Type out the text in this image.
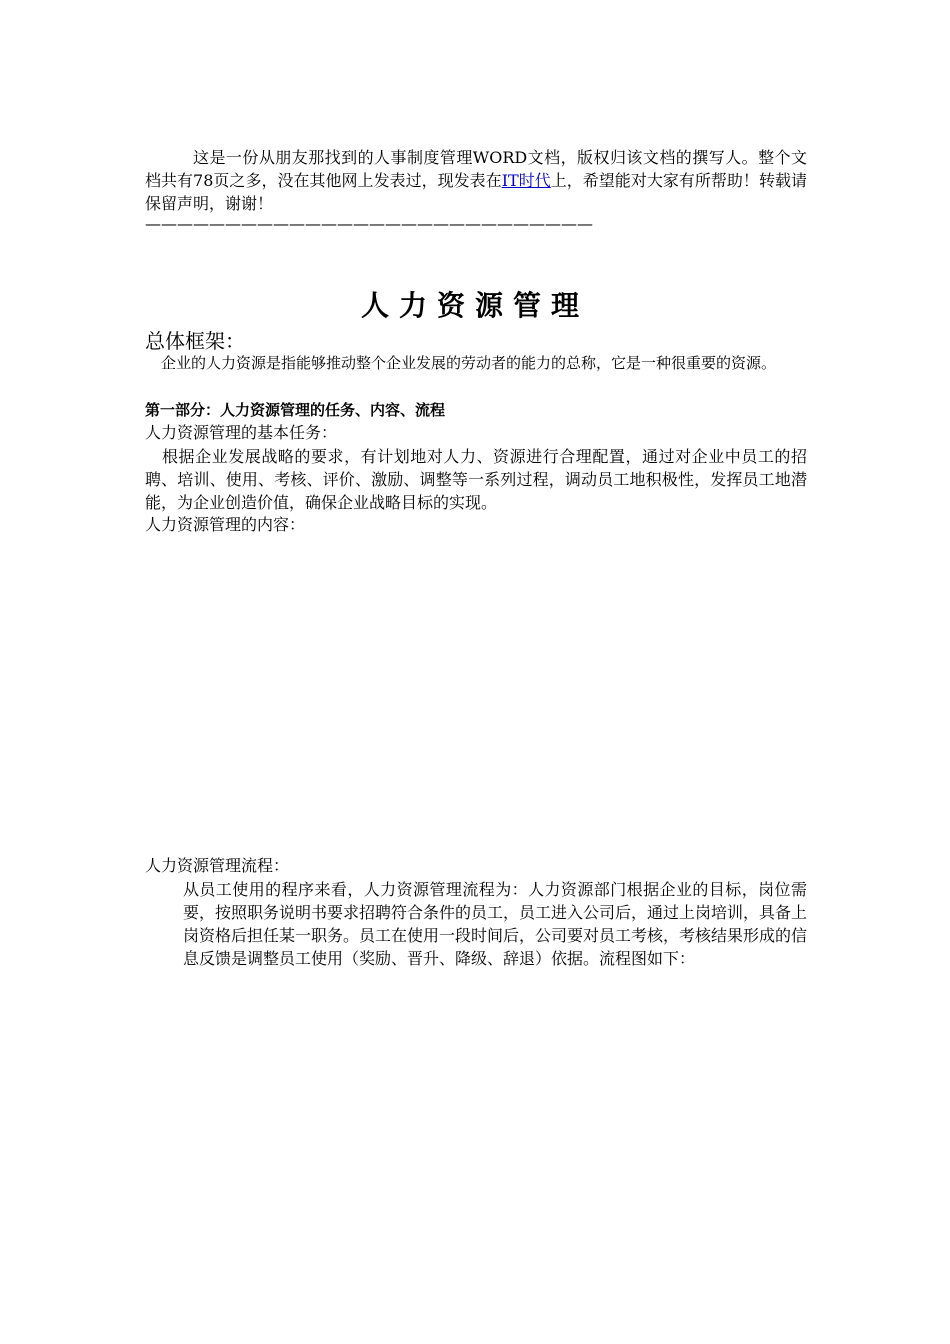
这是一份从朋友那找到的人事制度管理WORD文档，版权归该文档的撰写人。整个文档共有78页之多，没在其他网上发表过，现发表在IT时代上，希望能对大家有所帮助！转载请保留声明，谢谢！

————————————————————————————

人力资源管理

总体框架：

企业的人力资源是指能够推动整个企业发展的劳动者的能力的总称，它是一种很重要的资源。

第一部分：人力资源管理的任务、内容、流程

人力资源管理的基本任务：

根据企业发展战略的要求，有计划地对人力、资源进行合理配置，通过对企业中员工的招聘、培训、使用、考核、评价、激励、调整等一系列过程，调动员工地积极性，发挥员工地潜能，为企业创造价值，确保企业战略目标的实现。

人力资源管理的内容：

人力资源管理流程：

从员工使用的程序来看，人力资源管理流程为：人力资源部门根据企业的目标，岗位需要，按照职务说明书要求招聘符合条件的员工，员工进入公司后，通过上岗培训，具备上岗资格后担任某一职务。员工在使用一段时间后，公司要对员工考核，考核结果形成的信息反馈是调整员工使用（奖励、晋升、降级、辞退）依据。流程图如下：
